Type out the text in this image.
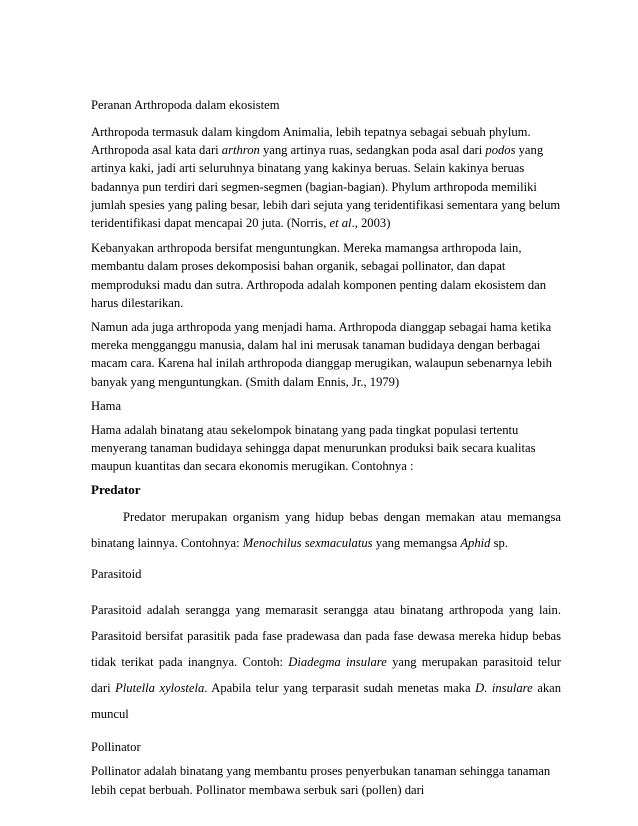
Peranan Arthropoda dalam ekosistem

Arthropoda termasuk dalam kingdom Animalia, lebih tepatnya sebagai sebuah phylum. Arthropoda asal kata dari arthron yang artinya ruas, sedangkan poda asal dari podos yang artinya kaki, jadi arti seluruhnya binatang yang kakinya beruas. Selain kakinya beruas badannya pun terdiri dari segmen-segmen (bagian-bagian). Phylum arthropoda memiliki jumlah spesies yang paling besar, lebih dari sejuta yang teridentifikasi sementara yang belum teridentifikasi dapat mencapai 20 juta. (Norris, et al., 2003)

Kebanyakan arthropoda bersifat menguntungkan. Mereka mamangsa arthropoda lain, membantu dalam proses dekomposisi bahan organik, sebagai pollinator, dan dapat memproduksi madu dan sutra. Arthropoda adalah komponen penting dalam ekosistem dan harus dilestarikan.

Namun ada juga arthropoda yang menjadi hama. Arthropoda dianggap sebagai hama ketika mereka mengganggu manusia, dalam hal ini merusak tanaman budidaya dengan berbagai macam cara. Karena hal inilah arthropoda dianggap merugikan, walaupun sebenarnya lebih banyak yang menguntungkan. (Smith dalam Ennis, Jr., 1979)

Hama

Hama adalah binatang atau sekelompok binatang yang pada tingkat populasi tertentu menyerang tanaman budidaya sehingga dapat menurunkan produksi baik secara kualitas maupun kuantitas dan secara ekonomis merugikan. Contohnya :

Predator

Predator merupakan organism yang hidup bebas dengan memakan atau memangsa binatang lainnya. Contohnya: Menochilus sexmaculatus yang memangsa Aphid sp.

Parasitoid

Parasitoid adalah serangga yang memarasit serangga atau binatang arthropoda yang lain. Parasitoid bersifat parasitik pada fase pradewasa dan pada fase dewasa mereka hidup bebas tidak terikat pada inangnya. Contoh: Diadegma insulare yang merupakan parasitoid telur dari Plutella xylostela. Apabila telur yang terparasit sudah menetas maka D. insulare akan muncul

Pollinator

Pollinator adalah binatang yang membantu proses penyerbukan tanaman sehingga tanaman lebih cepat berbuah. Pollinator membawa serbuk sari (pollen) dari
